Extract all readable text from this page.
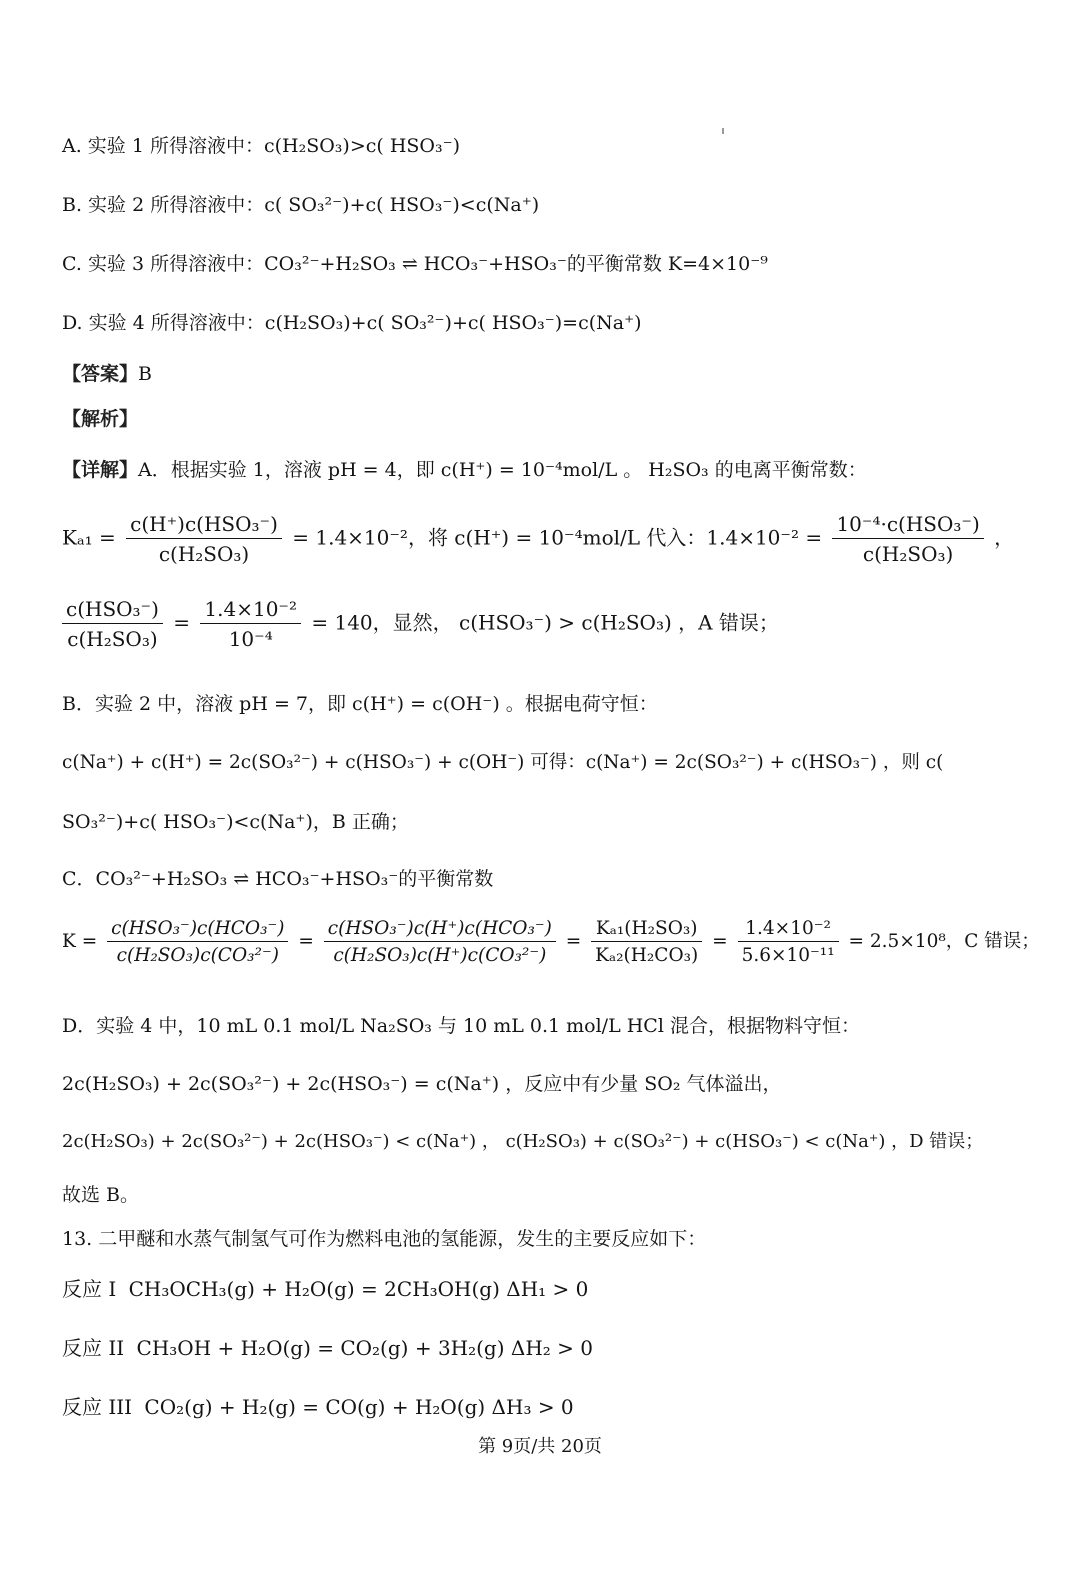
A. 实验 1 所得溶液中：c(H₂SO₃)>c( HSO₃⁻)
B. 实验 2 所得溶液中：c( SO₃²⁻)+c( HSO₃⁻)<c(Na⁺)
C. 实验 3 所得溶液中：CO₃²⁻+H₂SO₃ ⇌ HCO₃⁻+HSO₃⁻的平衡常数 K=4×10⁻⁹
D. 实验 4 所得溶液中：c(H₂SO₃)+c( SO₃²⁻)+c( HSO₃⁻)=c(Na⁺)
【答案】B
【解析】
【详解】A．根据实验 1，溶液 pH = 4，即 c(H⁺) = 10⁻⁴mol/L 。 H₂SO₃ 的电离平衡常数：
$K_{a1} = \frac{\text{c(H⁺)c(HSO₃⁻)}}{\text{c(H₂SO₃)}} = 1.4\times 10^{-2}$，将 c(H⁺) = 10⁻⁴mol/L 代入：$1.4\times 10^{-2} = \frac{\text{10⁻⁴·c(HSO₃⁻)}}{\text{c(H₂SO₃)}}$ ，
$\frac{\text{c(HSO₃⁻)}}{\text{c(H₂SO₃)}} = \frac{\text{1.4×10⁻²}}{\text{10⁻⁴}} = 140$，显然， c(HSO₃⁻) > c(H₂SO₃) ，A 错误；
B．实验 2 中，溶液 pH = 7，即 c(H⁺) = c(OH⁻) 。根据电荷守恒：
c(Na⁺) + c(H⁺) = 2c(SO₃²⁻) + c(HSO₃⁻) + c(OH⁻) 可得：c(Na⁺) = 2c(SO₃²⁻) + c(HSO₃⁻) ，则 c(
SO₃²⁻)+c( HSO₃⁻)<c(Na⁺)，B 正确；
C．CO₃²⁻+H₂SO₃ ⇌ HCO₃⁻+HSO₃⁻的平衡常数
$K = \frac{\text{c(HSO₃⁻)c(HCO₃⁻)}}{\text{c(H₂SO₃)c(CO₃²⁻)}} = \frac{\text{c(HSO₃⁻)c(H⁺)c(HCO₃⁻)}}{\text{c(H₂SO₃)c(H⁺)c(CO₃²⁻)}} = \frac{\text{Kₐ₁(H₂SO₃)}}{\text{Kₐ₂(H₂CO₃)}} = \frac{\text{1.4×10⁻²}}{\text{5.6×10⁻¹¹}} = 2.5\times 10^8$，C 错误；
D．实验 4 中，10 mL 0.1 mol/L Na₂SO₃ 与 10 mL 0.1 mol/L HCl 混合，根据物料守恒：
2c(H₂SO₃) + 2c(SO₃²⁻) + 2c(HSO₃⁻) = c(Na⁺) ，反应中有少量 SO₂ 气体溢出，
2c(H₂SO₃) + 2c(SO₃²⁻) + 2c(HSO₃⁻) < c(Na⁺) ， c(H₂SO₃) + c(SO₃²⁻) + c(HSO₃⁻) < c(Na⁺) ，D 错误；
故选 B。
13. 二甲醚和水蒸气制氢气可作为燃料电池的氢能源，发生的主要反应如下：
反应 I CH₃OCH₃(g) + H₂O(g) = 2CH₃OH(g) ΔH₁ > 0
反应 II CH₃OH + H₂O(g) = CO₂(g) + 3H₂(g) ΔH₂ > 0
反应 III CO₂(g) + H₂(g) = CO(g) + H₂O(g) ΔH₃ > 0
第 9页/共 20页
